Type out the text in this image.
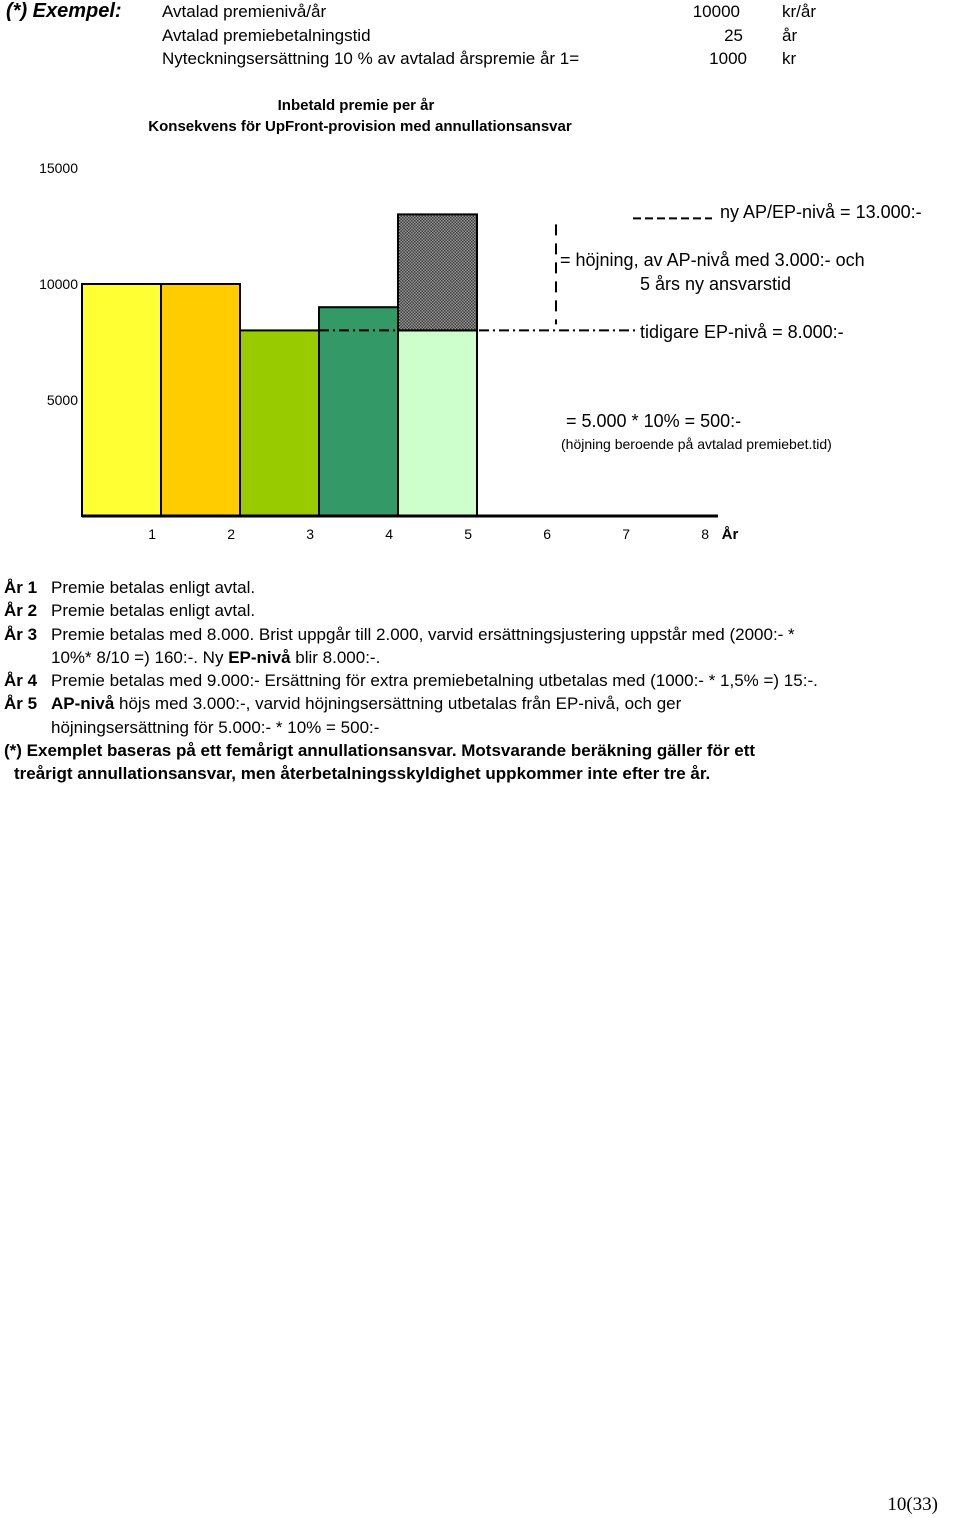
(*) Exempel: Avtalad premienivå/år	10000 kr/år
Avtalad premiebetalningstid	25 år
Nyteckningsersättning 10 % av avtalad årspremie år 1=	1000 kr
Inbetald premie per år
Konsekvens för UpFront-provision med annullationsansvar
5000
10000
15000
1	2	3	4	5	6	7	8 År
ny AP/EP-nivå = 13.000:-
= höjning, av AP-nivå med 3.000:- och
5 års ny ansvarstid
tidigare EP-nivå = 8.000:-
= 5.000 * 10% = 500:-
(höjning beroende på avtalad premiebet.tid)
År 1 Premie betalas enligt avtal.
År 2 Premie betalas enligt avtal.
År 3 Premie betalas med 8.000. Brist uppgår till 2.000, varvid ersättningsjustering uppstår med (2000:- *
10%* 8/10 =) 160:-. Ny EP-nivå blir 8.000:-.
År 4 Premie betalas med 9.000:- Ersättning för extra premiebetalning utbetalas med (1000:- * 1,5% =) 15:-.
År 5 AP-nivå höjs med 3.000:-, varvid höjningsersättning utbetalas från EP-nivå, och ger
höjningsersättning för 5.000:- * 10% = 500:-
(*) Exemplet baseras på ett femårigt annullationsansvar. Motsvarande beräkning gäller för ett
treårigt annullationsansvar, men återbetalningsskyldighet uppkommer inte efter tre år.
10(33)
